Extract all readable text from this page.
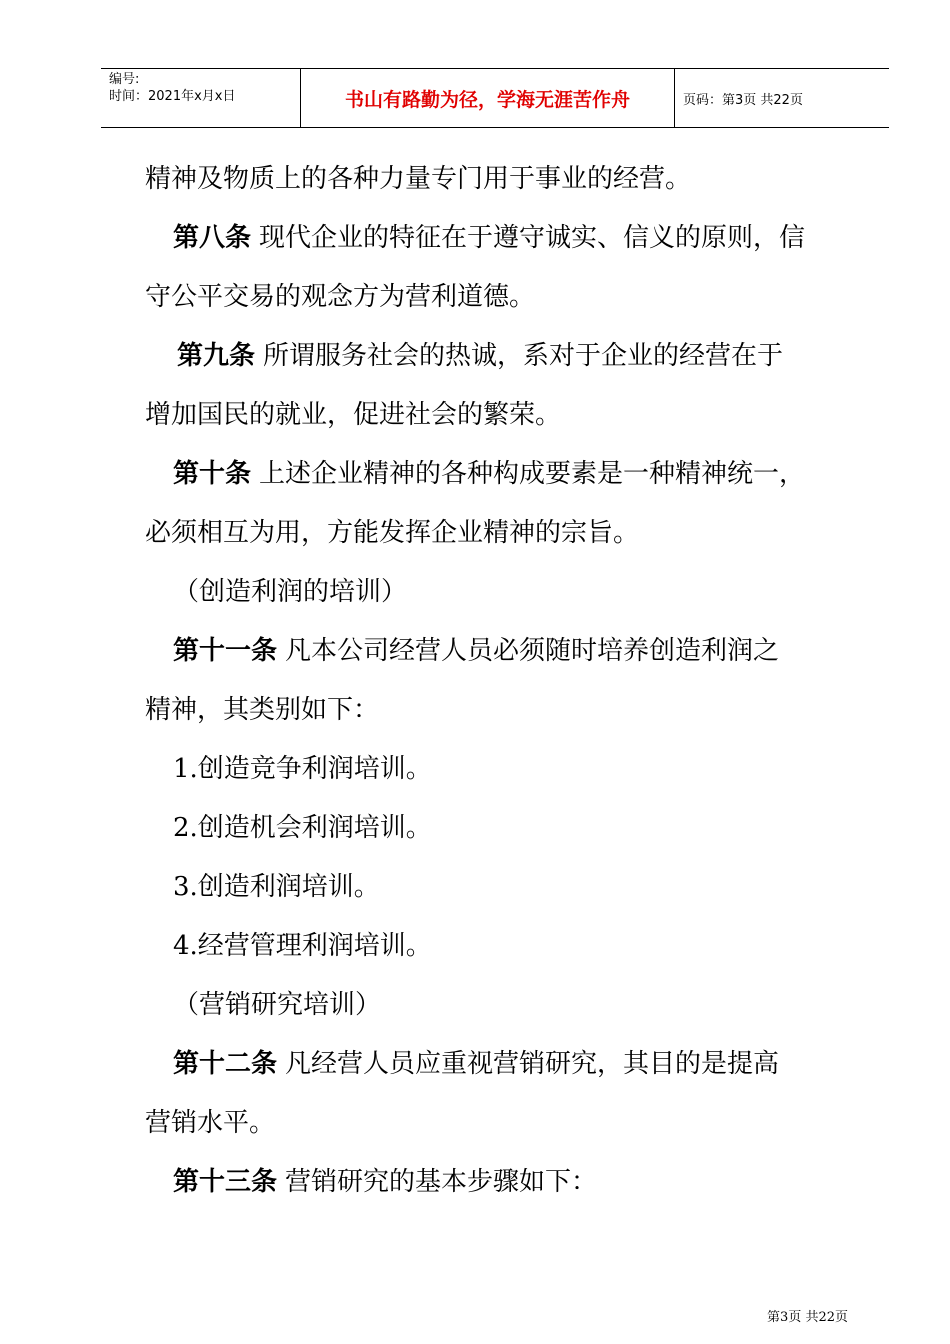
编号:
时间：2021年x月x日	书山有路勤为径，学海无涯苦作舟	页码：第3页 共22页

精神及物质上的各种力量专门用于事业的经营。

第八条 现代企业的特征在于遵守诚实、信义的原则，信

守公平交易的观念方为营利道德。

第九条 所谓服务社会的热诚，系对于企业的经营在于

增加国民的就业，促进社会的繁荣。

第十条 上述企业精神的各种构成要素是一种精神统一，

必须相互为用，方能发挥企业精神的宗旨。

（创造利润的培训）

第十一条 凡本公司经营人员必须随时培养创造利润之

精神，其类别如下：

1.创造竞争利润培训。

2.创造机会利润培训。

3.创造利润培训。

4.经营管理利润培训。

（营销研究培训）

第十二条 凡经营人员应重视营销研究，其目的是提高

营销水平。

第十三条 营销研究的基本步骤如下：

第3页 共22页
